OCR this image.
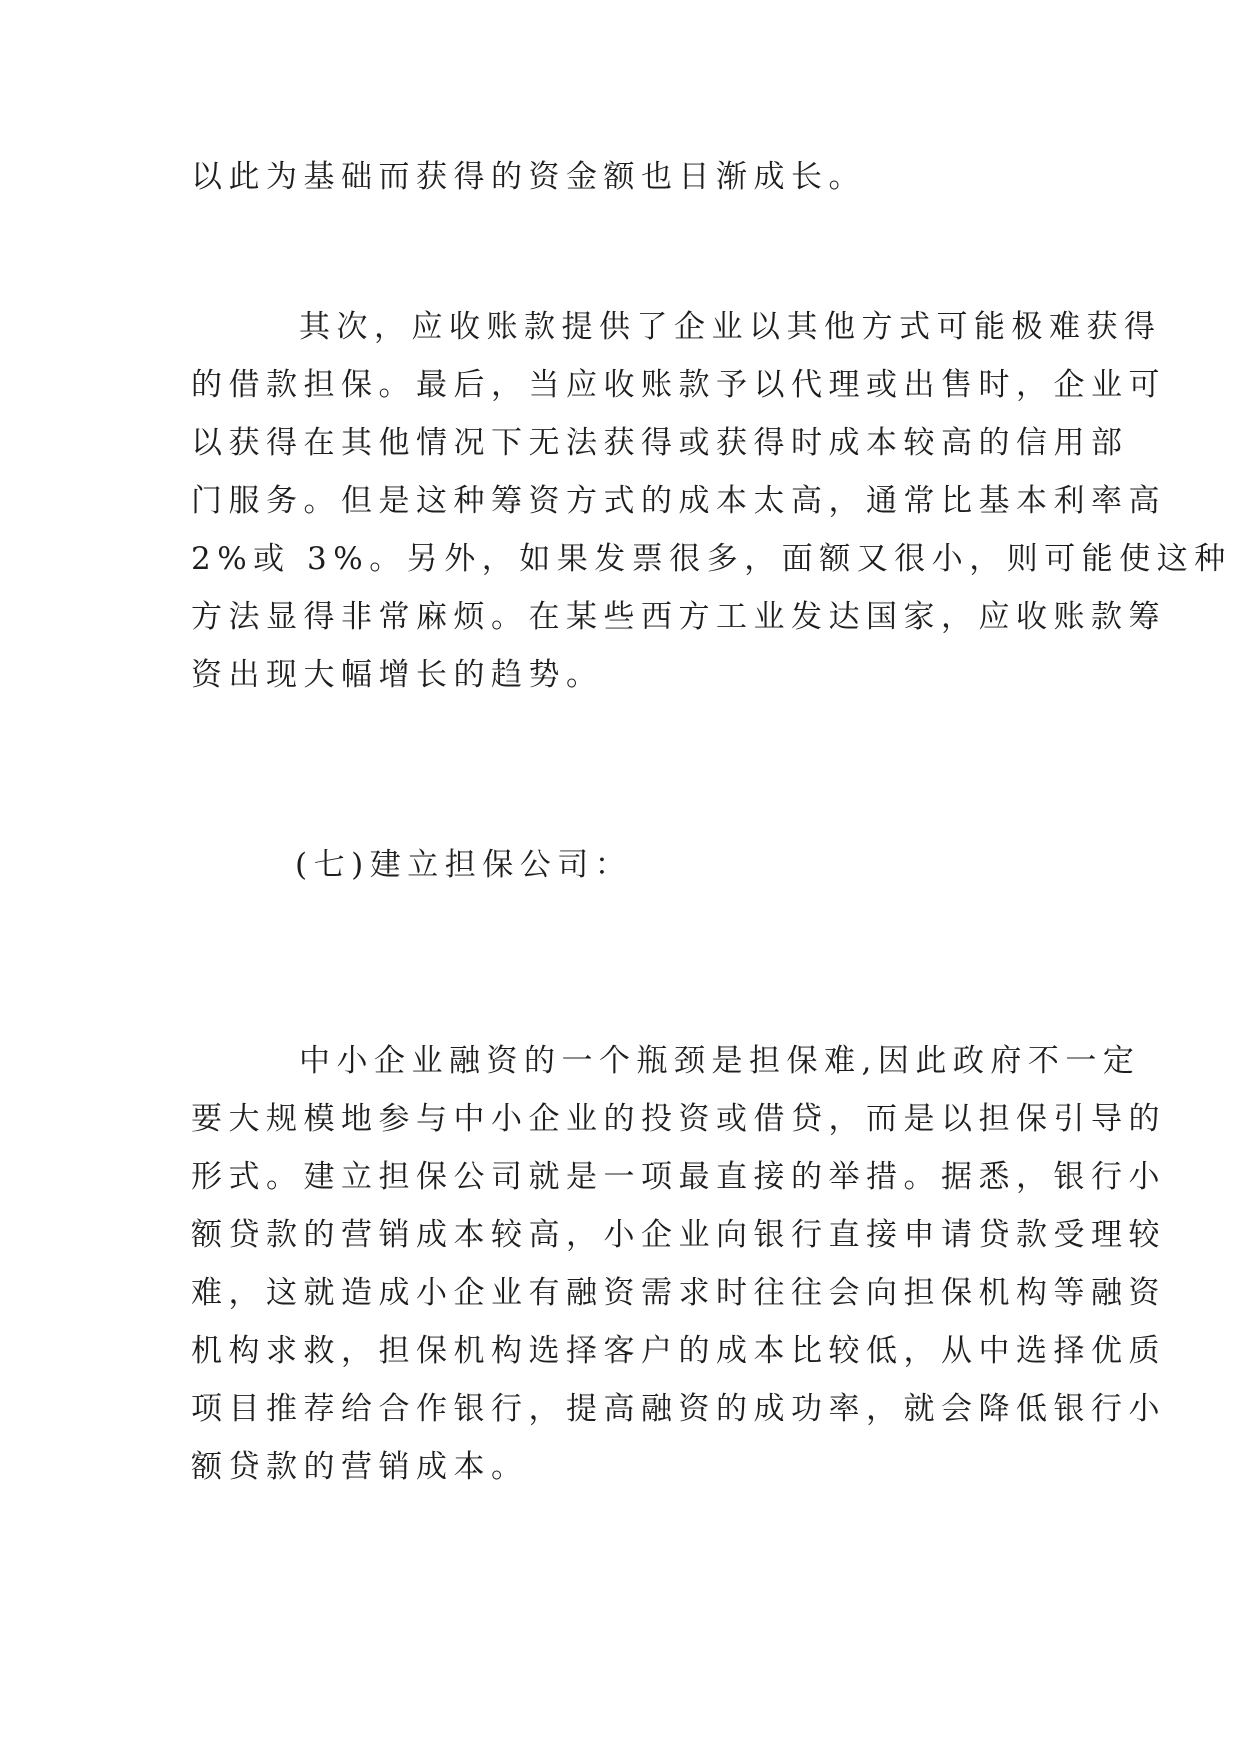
以此为基础而获得的资金额也日渐成长。
其次，应收账款提供了企业以其他方式可能极难获得
的借款担保。最后，当应收账款予以代理或出售时，企业可
以获得在其他情况下无法获得或获得时成本较高的信用部
门服务。但是这种筹资方式的成本太高，通常比基本利率高
2%或 3%。另外，如果发票很多，面额又很小，则可能使这种
方法显得非常麻烦。在某些西方工业发达国家，应收账款筹
资出现大幅增长的趋势。
(七)建立担保公司：
中小企业融资的一个瓶颈是担保难,因此政府不一定
要大规模地参与中小企业的投资或借贷，而是以担保引导的
形式。建立担保公司就是一项最直接的举措。据悉，银行小
额贷款的营销成本较高，小企业向银行直接申请贷款受理较
难，这就造成小企业有融资需求时往往会向担保机构等融资
机构求救，担保机构选择客户的成本比较低，从中选择优质
项目推荐给合作银行，提高融资的成功率，就会降低银行小
额贷款的营销成本。
